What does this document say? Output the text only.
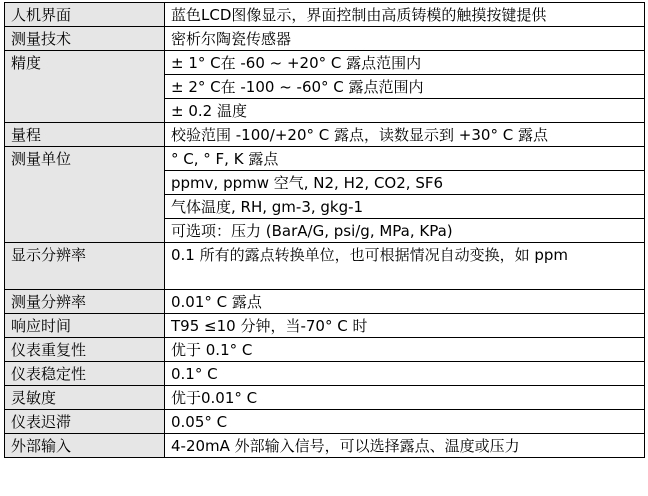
人机界面	蓝色LCD图像显示，界面控制由高质铸模的触摸按键提供
测量技术	密析尔陶瓷传感器
精度	± 1° C在 -60 ~ +20° C 露点范围内
	± 2° C在 -100 ~ -60° C 露点范围内
	± 0.2 温度
量程	校验范围 -100/+20° C 露点，读数显示到 +30° C 露点
测量单位	° C, ° F, K 露点
	ppmv, ppmw 空气, N2, H2, CO2, SF6
	气体温度, RH, gm-3, gkg-1
	可选项：压力 (BarA/G, psi/g, MPa, KPa)
显示分辨率	0.1 所有的露点转换单位，也可根据情况自动变换，如 ppm
测量分辨率	0.01° C 露点
响应时间	T95 ≤10 分钟，当-70° C 时
仪表重复性	优于 0.1° C
仪表稳定性	0.1° C
灵敏度	优于0.01° C
仪表迟滞	0.05° C
外部输入	4-20mA 外部输入信号，可以选择露点、温度或压力
